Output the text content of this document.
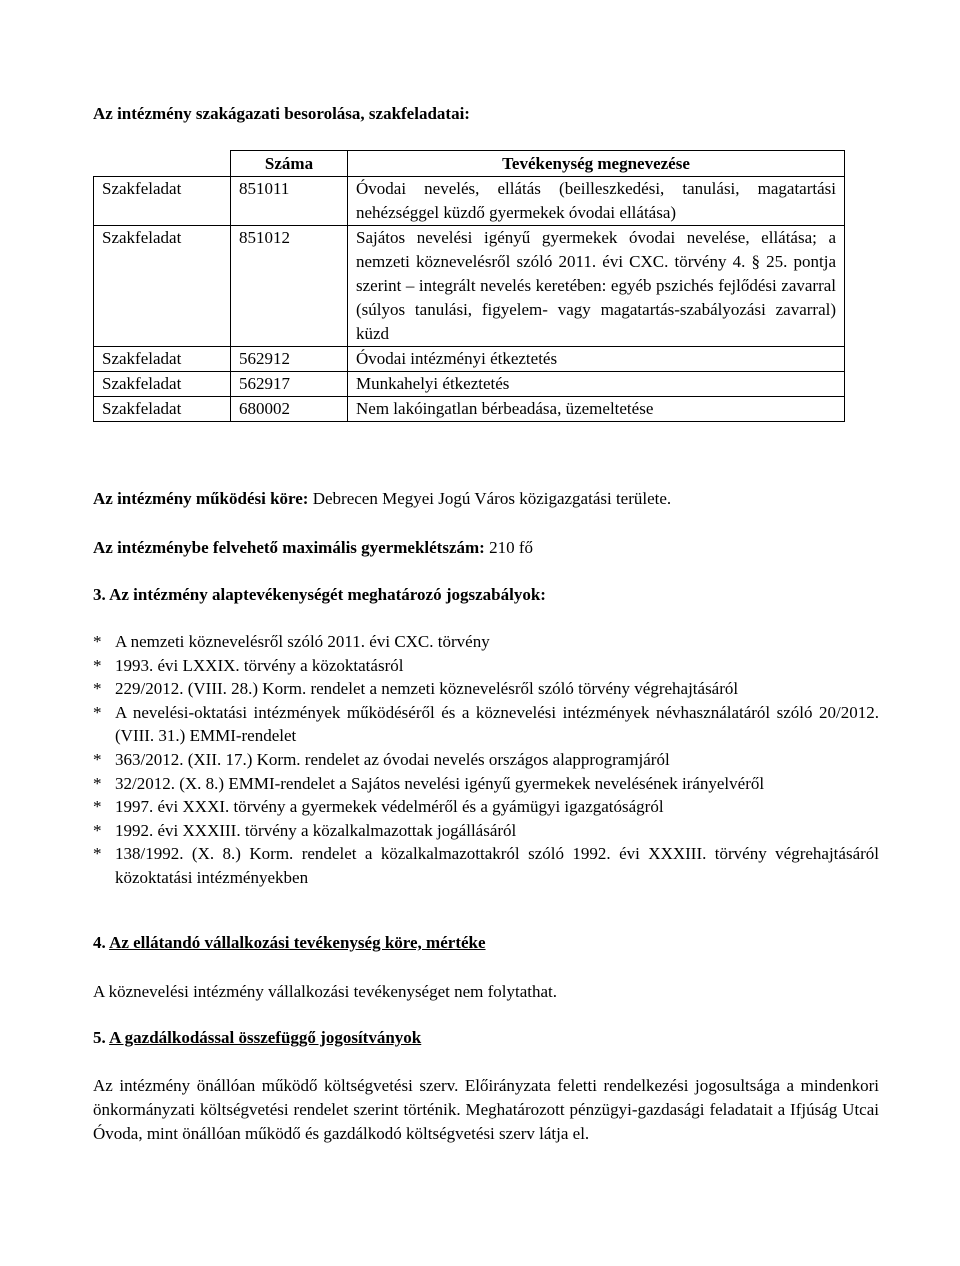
Az intézmény szakágazati besorolása, szakfeladatai:
	Száma	Tevékenység megnevezése
Szakfeladat	851011	Óvodai nevelés, ellátás (beilleszkedési, tanulási, magatartási nehézséggel küzdő gyermekek óvodai ellátása)
Szakfeladat	851012	Sajátos nevelési igényű gyermekek óvodai nevelése, ellátása; a nemzeti köznevelésről szóló 2011. évi CXC. törvény 4. § 25. pontja szerint – integrált nevelés keretében: egyéb pszichés fejlődési zavarral (súlyos tanulási, figyelem- vagy magatartás-szabályozási zavarral) küzd
Szakfeladat	562912	Óvodai intézményi étkeztetés
Szakfeladat	562917	Munkahelyi étkeztetés
Szakfeladat	680002	Nem lakóingatlan bérbeadása, üzemeltetése
Az intézmény működési köre: Debrecen Megyei Jogú Város közigazgatási területe.
Az intézménybe felvehető maximális gyermeklétszám: 210 fő
3. Az intézmény alaptevékenységét meghatározó jogszabályok:
* A nemzeti köznevelésről szóló 2011. évi CXC. törvény
* 1993. évi LXXIX. törvény a közoktatásról
* 229/2012. (VIII. 28.) Korm. rendelet a nemzeti köznevelésről szóló törvény végrehajtásáról
* A nevelési-oktatási intézmények működéséről és a köznevelési intézmények névhasználatáról szóló 20/2012. (VIII. 31.) EMMI-rendelet
* 363/2012. (XII. 17.) Korm. rendelet az óvodai nevelés országos alapprogramjáról
* 32/2012. (X. 8.) EMMI-rendelet a Sajátos nevelési igényű gyermekek nevelésének irányelvéről
* 1997. évi XXXI. törvény a gyermekek védelméről és a gyámügyi igazgatóságról
* 1992. évi XXXIII. törvény a közalkalmazottak jogállásáról
* 138/1992. (X. 8.) Korm. rendelet a közalkalmazottakról szóló 1992. évi XXXIII. törvény végrehajtásáról közoktatási intézményekben
4. Az ellátandó vállalkozási tevékenység köre, mértéke
A köznevelési intézmény vállalkozási tevékenységet nem folytathat.
5. A gazdálkodással összefüggő jogosítványok
Az intézmény önállóan működő költségvetési szerv. Előirányzata feletti rendelkezési jogosultsága a mindenkori önkormányzati költségvetési rendelet szerint történik. Meghatározott pénzügyi-gazdasági feladatait a Ifjúság Utcai Óvoda, mint önállóan működő és gazdálkodó költségvetési szerv látja el.
